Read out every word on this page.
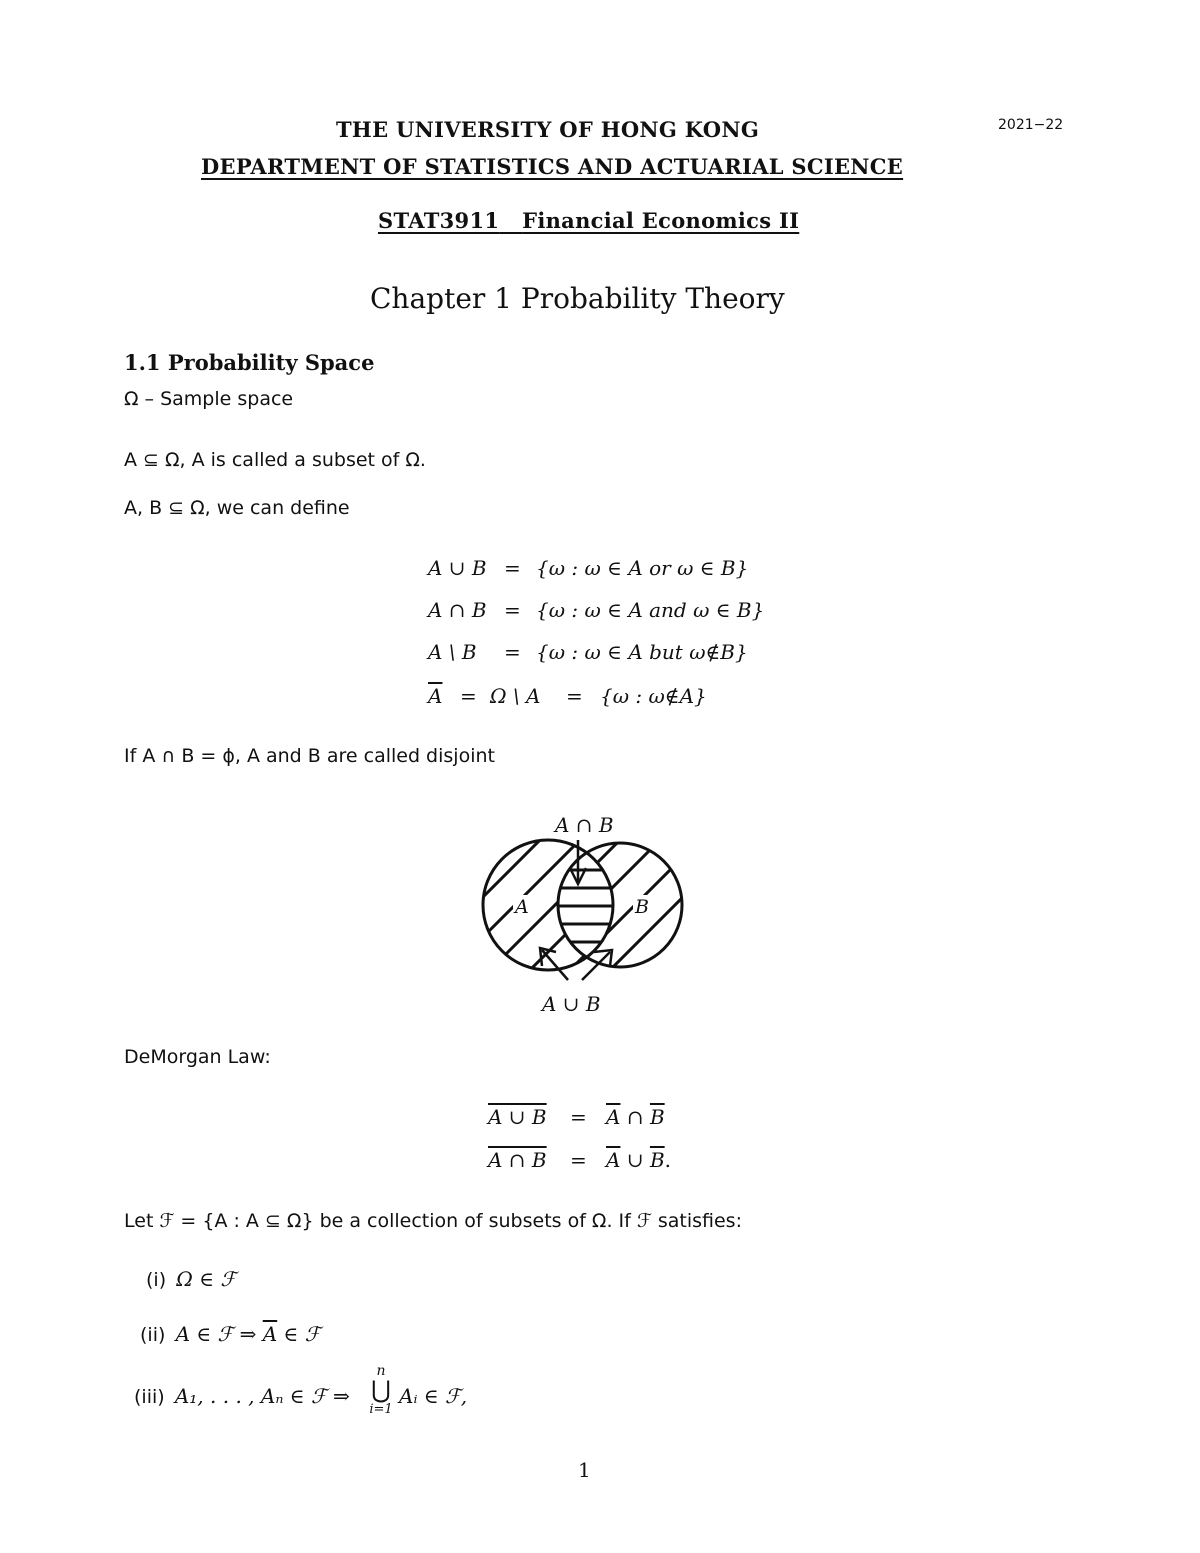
THE UNIVERSITY OF HONG KONG	2021−22
DEPARTMENT OF STATISTICS AND ACTUARIAL SCIENCE
STAT3911 Financial Economics II
Chapter 1 Probability Theory
1.1 Probability Space
Ω – Sample space
A ⊆ Ω, A is called a subset of Ω.
A, B ⊆ Ω, we can define
A ∪ B = {ω : ω ∈ A or ω ∈ B}
A ∩ B = {ω : ω ∈ A and ω ∈ B}
A \ B = {ω : ω ∈ A but ω∉B}
$\overline{A} = \Omega$ \ A = {ω : ω∉A}
If A ∩ B = ϕ, A and B are called disjoint
A	B
A ∩ B
A ∪ B
DeMorgan Law:
A ∪ $B = \overline{A}$ ∩ $\overline{B}$
A ∩ $B = \overline{A}$ ∪ $\overline{B}$.
Let ℱ = {A : A ⊆ Ω} be a collection of subsets of Ω. If ℱ satisfies:
(i) Ω ∈ ℱ
(ii) A ∈ ℱ ⇒ $\overline{A}$ ∈ ℱ
(iii) A₁, . . . , Aₙ ∈ ℱ ⇒
n
⋃
i=1
Aᵢ ∈ ℱ,
1
